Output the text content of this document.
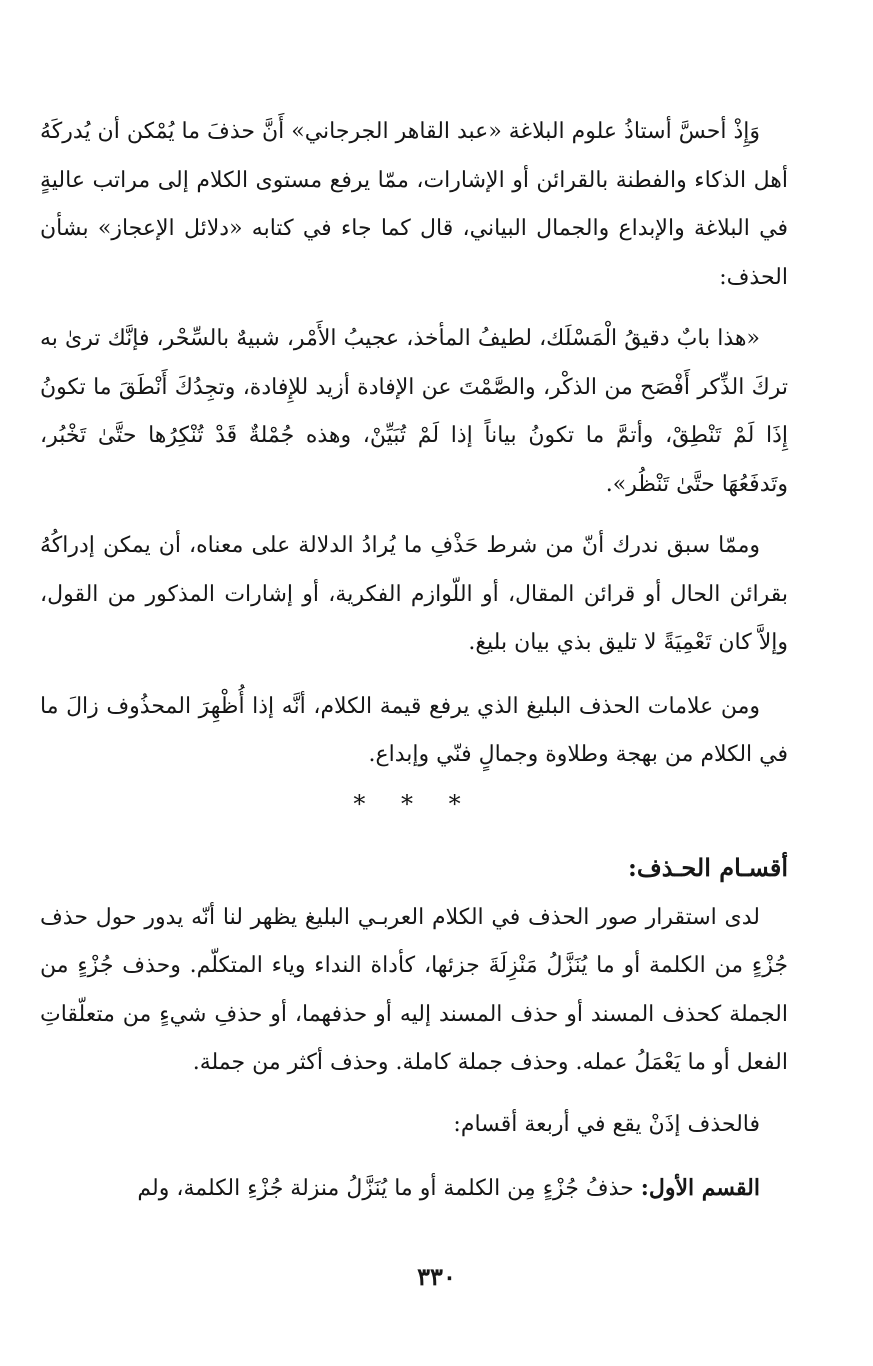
وَإِذْ أحسَّ أستاذُ علوم البلاغة «عبد القاهر الجرجاني» أَنَّ حذفَ ما يُمْكن أن يُدركَهُ أهل الذكاء والفطنة بالقرائن أو الإشارات، ممّا يرفع مستوى الكلام إلى مراتب عاليةٍ في البلاغة والإبداع والجمال البياني، قال كما جاء في كتابه «دلائل الإعجاز» بشأن الحذف:

«هذا بابٌ دقيقُ الْمَسْلَك، لطيفُ المأخذ، عجيبُ الأَمْر، شبيهٌ بالسِّحْر، فإنَّك ترىٰ به تركَ الذِّكر أَفْصَح من الذكْر، والصَّمْتَ عن الإفادة أزيد للإِفادة، وتجِدُكَ أَنْطَقَ ما تكونُ إِذَا لَمْ تَنْطِقْ، وأتمَّ ما تكونُ بياناً إذا لَمْ تُبَيِّنْ، وهذه جُمْلةٌ قَدْ تُنْكِرُها حتَّىٰ تَخْبُر، وتَدفَعُهَا حتَّىٰ تَنْظُر».

وممّا سبق ندرك أنّ من شرط حَذْفِ ما يُرادُ الدلالة على معناه، أن يمكن إدراكُهُ بقرائن الحال أو قرائن المقال، أو اللّوازم الفكرية، أو إشارات المذكور من القول، وإلاَّ كان تَعْمِيَةً لا تليق بذي بيان بليغ.

ومن علامات الحذف البليغ الذي يرفع قيمة الكلام، أنَّه إذا أُظْهِرَ المحذُوف زالَ ما في الكلام من بهجة وطلاوة وجمالٍ فنّي وإبداع.

* * *
أقسـام الحـذف:

لدى استقرار صور الحذف في الكلام العربـي البليغ يظهر لنا أنّه يدور حول حذف جُزْءٍ من الكلمة أو ما يُنَزَّلُ مَنْزِلَةَ جزئها، كأداة النداء وياء المتكلّم. وحذف جُزْءٍ من الجملة كحذف المسند أو حذف المسند إليه أو حذفهما، أو حذفِ شيءٍ من متعلّقاتِ الفعل أو ما يَعْمَلُ عمله. وحذف جملة كاملة. وحذف أكثر من جملة.

فالحذف إذَنْ يقع في أربعة أقسام:

القسم الأول: حذفُ جُزْءٍ مِن الكلمة أو ما يُنَزَّلُ منزلة جُزْءِ الكلمة، ولم

٣٣٠
